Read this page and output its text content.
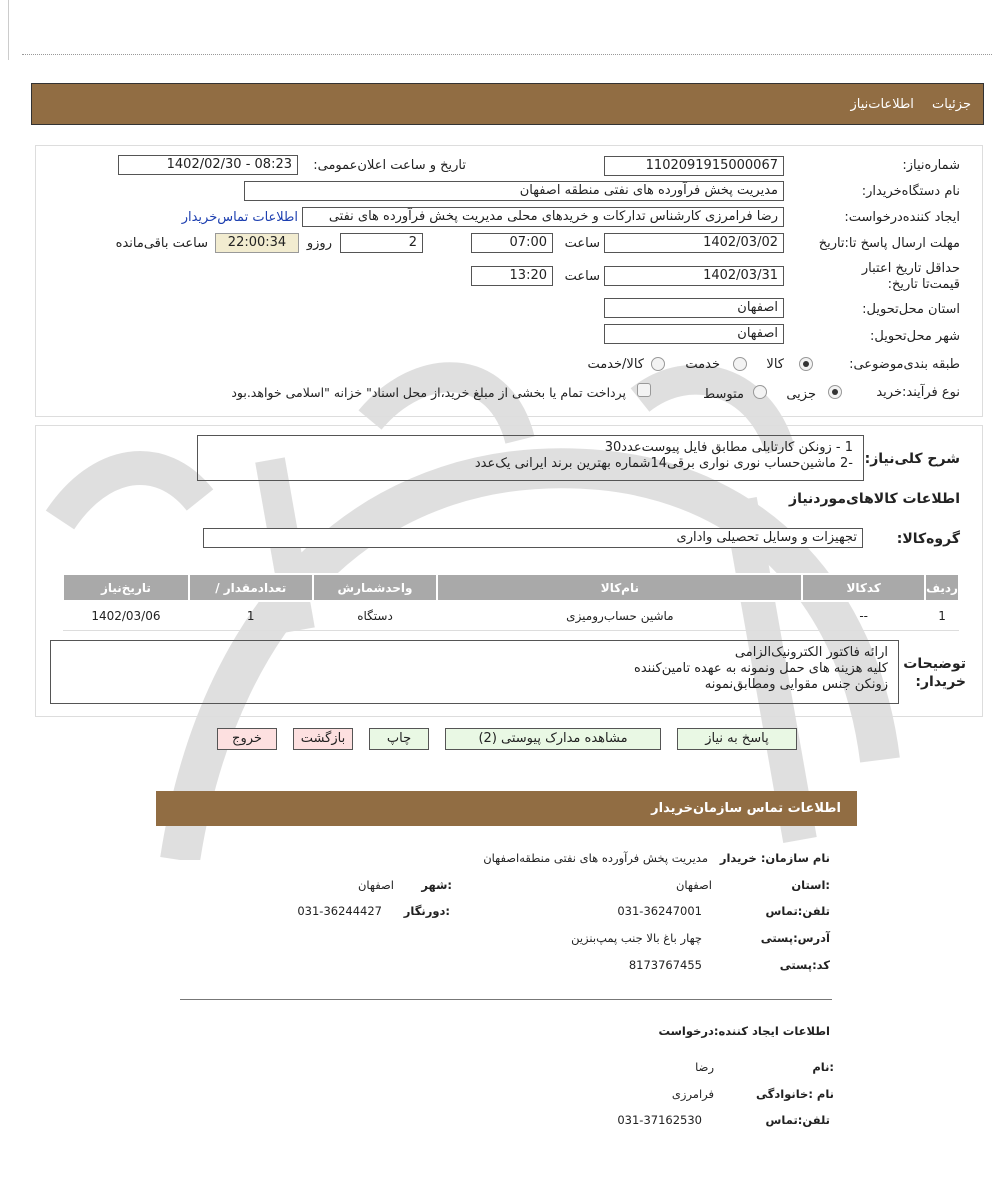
جزئیات اطلاعات‌نیاز
شماره‌نیاز:
1102091915000067
تاریخ و ساعت اعلان‌عمومی:
1402/02/30 - 08:23
نام دستگاه‌خریدار:
مدیریت پخش فرآورده های نفتی منطقه اصفهان
ایجاد کننده‌درخواست:
رضا فرامرزی کارشناس تدارکات و خریدهای محلی مدیریت پخش فرآورده های نفتی
اطلاعات تماس‌خریدار
مهلت ارسال پاسخ تا:تاریخ
1402/03/02
ساعت
07:00
2
روزو
22:00:34
ساعت باقی‌مانده
حداقل تاریخ اعتبار قیمت‌تا تاریخ:
1402/03/31
ساعت
13:20
استان محل‌تحویل:
اصفهان
شهر محل‌تحویل:
اصفهان
طبقه بندی‌موضوعی:
کالا
خدمت
کالا/خدمت
نوع فرآیند:
خرید
جزیی
متوسط
پرداخت تمام یا بخشی از مبلغ خرید،از محل اسناد" خزانه "اسلامی خواهد.بود
شرح کلی‌نیاز:
1 - زونکن کارتابلی مطابق فایل پیوست‌عدد30
-2 ماشین‌حساب نوری نواری برقی14شماره بهترین برند ایرانی یک‌عدد
اطلاعات کالاهای‌موردنیاز
گروه‌کالا:
تجهیزات و وسایل تحصیلی واداری
ردیف	کدکالا	نام‌کالا	واحدشمارش	تعدادمقدار /	تاریخ‌نیاز
1	--	ماشین حساب‌رومیزی	دستگاه	1	1402/03/06
توضیحات
خریدار:
ارائه فاکتور الکترونیک‌الزامی
کلیه هزینه های حمل ونمونه به عهده تامین‌کننده
زونکن جنس مقوایی ومطابق‌نمونه
پاسخ به نیاز
مشاهده مدارک پیوستی (2)
چاپ
بازگشت
خروج
اطلاعات تماس سازمان‌خریدار
نام سازمان‌: خریدار
مدیریت پخش فرآورده های نفتی منطقه‌اصفهان
:استان
اصفهان
:شهر
اصفهان
تلفن‌:تماس
031-36247001
:دورنگار
031-36244427
آدرس‌:پستی
چهار باغ بالا جنب پمپ‌بنزین
کد:پستی
8173767455
اطلاعات ایجاد کننده‌:درخواست
:نام
رضا
نام :خانوادگی
فرامرزی
تلفن‌:تماس
031-37162530
